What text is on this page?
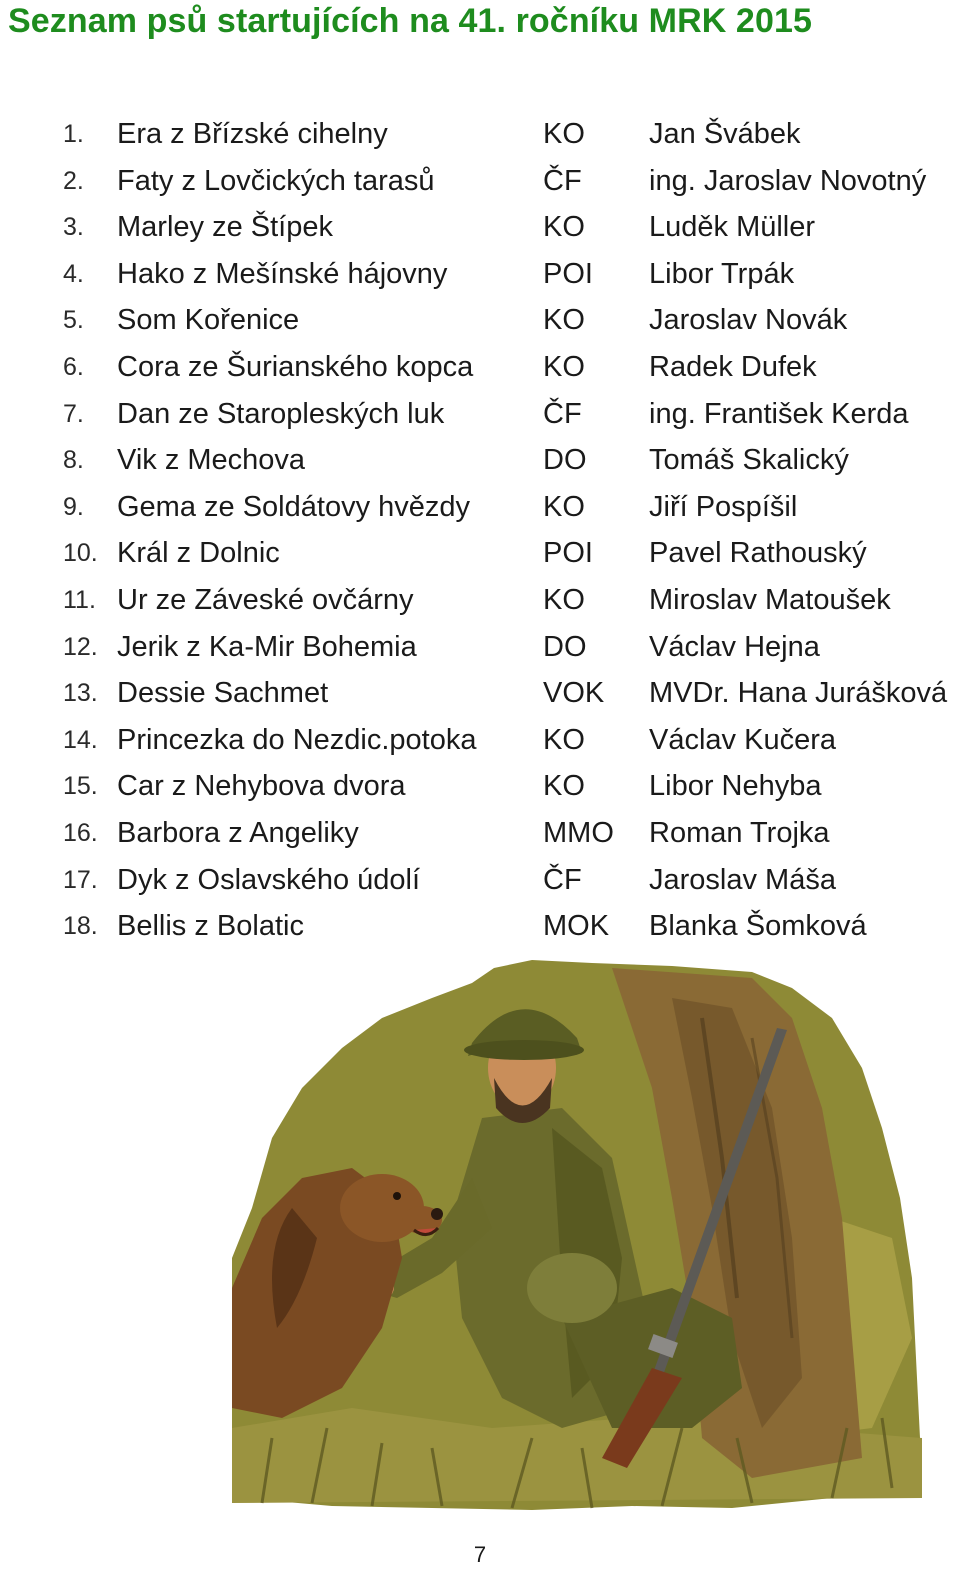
Seznam psů startujících na 41. ročníku MRK 2015
1. Era z Břízské cihelny	KO Jan Švábek
2. Faty z Lovčických tarasů	ČF ing. Jaroslav Novotný
3. Marley ze Štípek	KO Luděk Müller
4. Hako z Mešínské hájovny	POI Libor Trpák
5. Som Kořenice	KO Jaroslav Novák
6. Cora ze Šurianského kopca KO Radek Dufek
7. Dan ze Staropleských luk	ČF ing. František Kerda
8. Vik z Mechova	DO Tomáš Skalický
9. Gema ze Soldátovy hvězdy	KO Jiří Pospíšil
10. Král z Dolnic	POI Pavel Rathouský
11. Ur ze Záveské ovčárny	KO Miroslav Matoušek
12. Jerik z Ka-Mir Bohemia	DO Václav Hejna
13. Dessie Sachmet	VOK MVDr. Hana Jurášková
14. Princezka do Nezdic.potoka KO Václav Kučera
15. Car z Nehybova dvora	KO Libor Nehyba
16. Barbora z Angeliky	MMO Roman Trojka
17. Dyk z Oslavského údolí	ČF Jaroslav Máša
18. Bellis z Bolatic	MOK Blanka Šomková
7
